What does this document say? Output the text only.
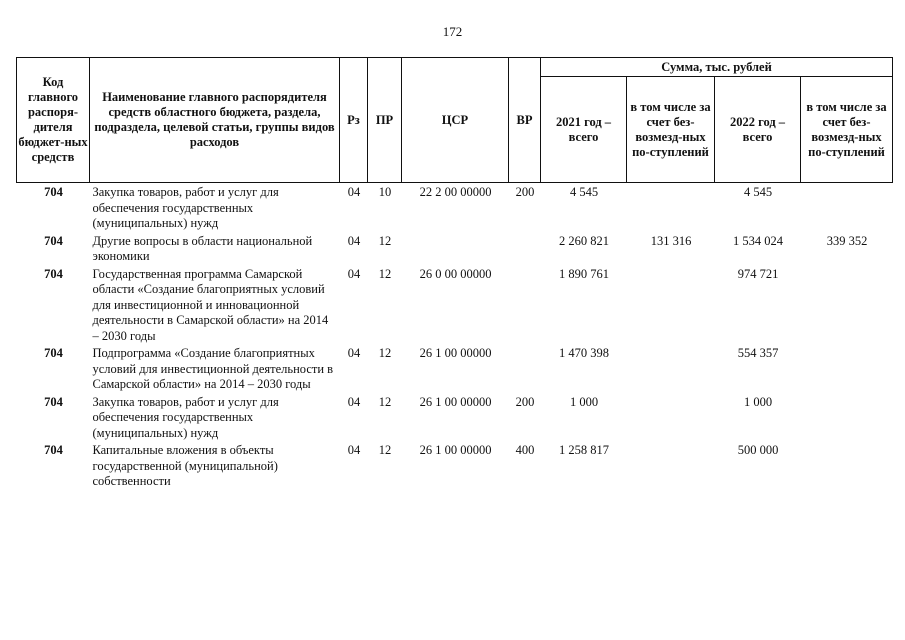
172
Код главного распоря-дителя бюджет-ных средств	Наименование главного распорядителя средств областного бюджета, раздела, подраздела, целевой статьи, группы видов расходов	Рз	ПР	ЦСР	ВР	Сумма, тыс. рублей			
						2021 год – всего	в том числе за счет без-возмезд-ных по-ступлений	2022 год – всего	в том числе за счет без-возмезд-ных по-ступлений
704	Закупка товаров, работ и услуг для обеспечения государственных (муниципальных) нужд	04	10	22 2 00 00000	200	4 545		4 545	
704	Другие вопросы в области национальной экономики	04	12			2 260 821	131 316	1 534 024	339 352
704	Государственная программа Самарской области «Создание благоприятных условий для инвестиционной и инновационной деятельности в Самарской области» на 2014 – 2030 годы	04	12	26 0 00 00000		1 890 761		974 721	
704	Подпрограмма «Создание благоприятных условий для инвестиционной деятельности в Самарской области» на 2014 – 2030 годы	04	12	26 1 00 00000		1 470 398		554 357	
704	Закупка товаров, работ и услуг для обеспечения государственных (муниципальных) нужд	04	12	26 1 00 00000	200	1 000		1 000	
704	Капитальные вложения в объекты государственной (муниципальной) собственности	04	12	26 1 00 00000	400	1 258 817		500 000	
